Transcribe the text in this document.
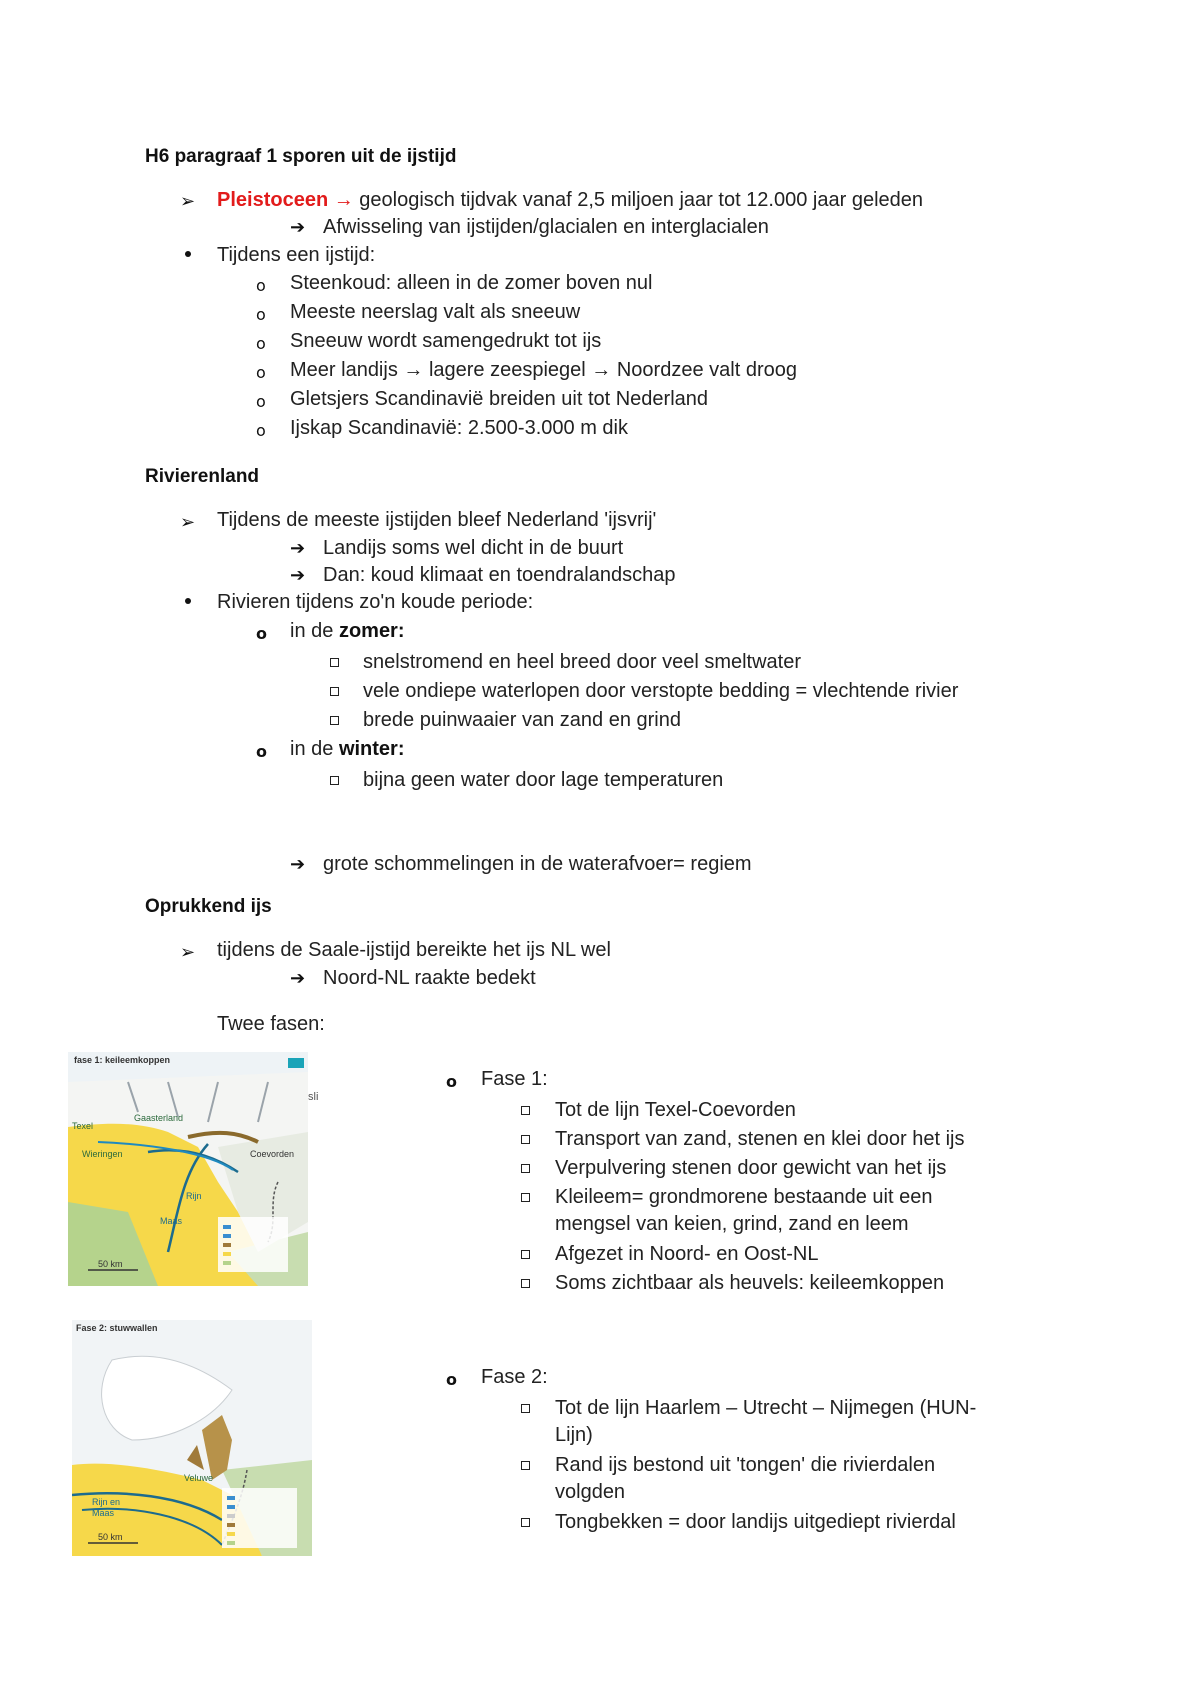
H6 paragraaf 1 sporen uit de ijstijd
➢ Pleistoceen → geologisch tijdvak vanaf 2,5 miljoen jaar tot 12.000 jaar geleden
➔ Afwisseling van ijstijden/glacialen en interglacialen
Tijdens een ijstijd:
o Steenkoud: alleen in de zomer boven nul
o Meeste neerslag valt als sneeuw
o Sneeuw wordt samengedrukt tot ijs
o Meer landijs → lagere zeespiegel → Noordzee valt droog
o Gletsjers Scandinavië breiden uit tot Nederland
o Ijskap Scandinavië: 2.500-3.000 m dik
Rivierenland
➢ Tijdens de meeste ijstijden bleef Nederland 'ijsvrij'
➔ Landijs soms wel dicht in de buurt
➔ Dan: koud klimaat en toendralandschap
Rivieren tijdens zo'n koude periode:
o in de zomer:
snelstromend en heel breed door veel smeltwater
vele ondiepe waterlopen door verstopte bedding = vlechtende rivier
brede puinwaaier van zand en grind
o in de winter:
bijna geen water door lage temperaturen
➔ grote schommelingen in de waterafvoer= regiem
Oprukkend ijs
➢ tijdens de Saale-ijstijd bereikte het ijs NL wel
➔ Noord-NL raakte bedekt
Twee fasen:
fase 1: keileemkoppen
Texel
Gaasterland
Wieringen	Coevorden
Rijn
Maas
50 km
sli
Fase 2: stuwwallen
Veluwe
Rijn en
Maas
50 km
o Fase 1:
Tot de lijn Texel-Coevorden
Transport van zand, stenen en klei door het ijs
Verpulvering stenen door gewicht van het ijs
Kleileem= grondmorene bestaande uit een
mengsel van keien, grind, zand en leem
Afgezet in Noord- en Oost-NL
Soms zichtbaar als heuvels: keileemkoppen
o Fase 2:
Tot de lijn Haarlem – Utrecht – Nijmegen (HUN-
Lijn)
Rand ijs bestond uit 'tongen' die rivierdalen
volgden
Tongbekken = door landijs uitgediept rivierdal
